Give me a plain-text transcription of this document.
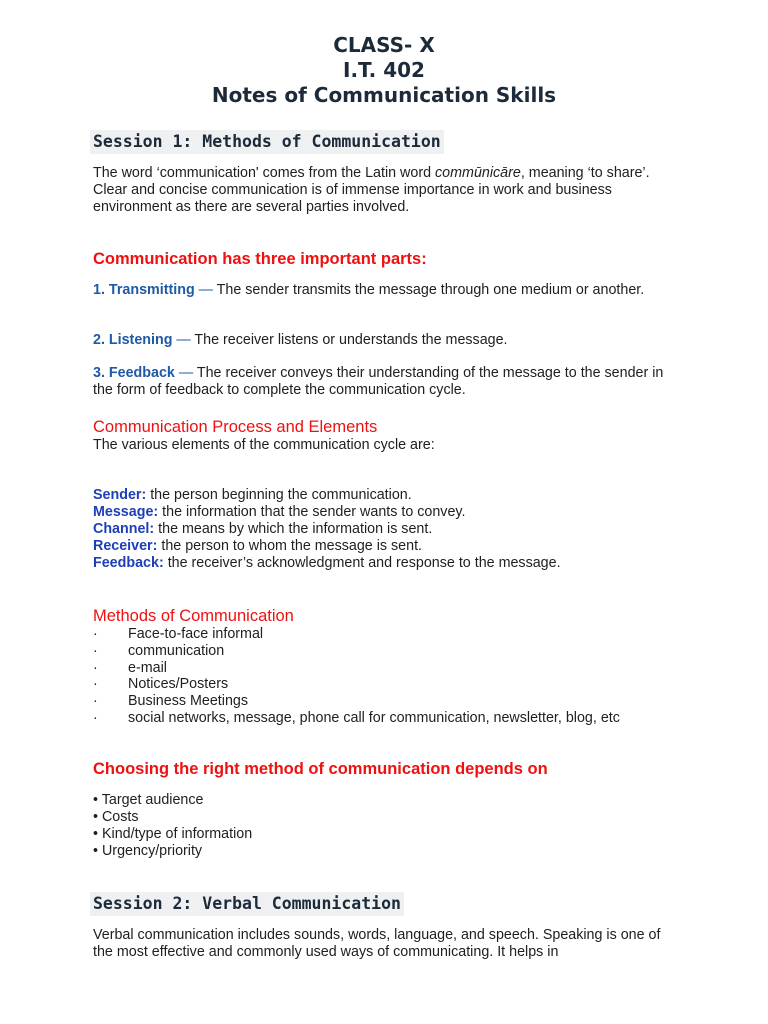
CLASS- X
I.T. 402
Notes of Communication Skills
Session 1: Methods of Communication
The word ‘communication' comes from the Latin word commūnicāre, meaning ‘to share’. Clear and concise communication is of immense importance in work and business environment as there are several parties involved.
Communication has three important parts:
1. Transmitting — The sender transmits the message through one medium or another.
2. Listening — The receiver listens or understands the message.
3. Feedback — The receiver conveys their understanding of the message to the sender in the form of feedback to complete the communication cycle.
Communication Process and Elements
The various elements of the communication cycle are:
Sender: the person beginning the communication.
Message: the information that the sender wants to convey.
Channel: the means by which the information is sent.
Receiver: the person to whom the message is sent.
Feedback: the receiver’s acknowledgment and response to the message.
Methods of Communication
· Face-to-face informal
· communication
· e-mail
· Notices/Posters
· Business Meetings
· social networks, message, phone call for communication, newsletter, blog, etc
Choosing the right method of communication depends on
• Target audience
• Costs
• Kind/type of information
• Urgency/priority
Session 2: Verbal Communication
Verbal communication includes sounds, words, language, and speech. Speaking is one of the most effective and commonly used ways of communicating. It helps in
